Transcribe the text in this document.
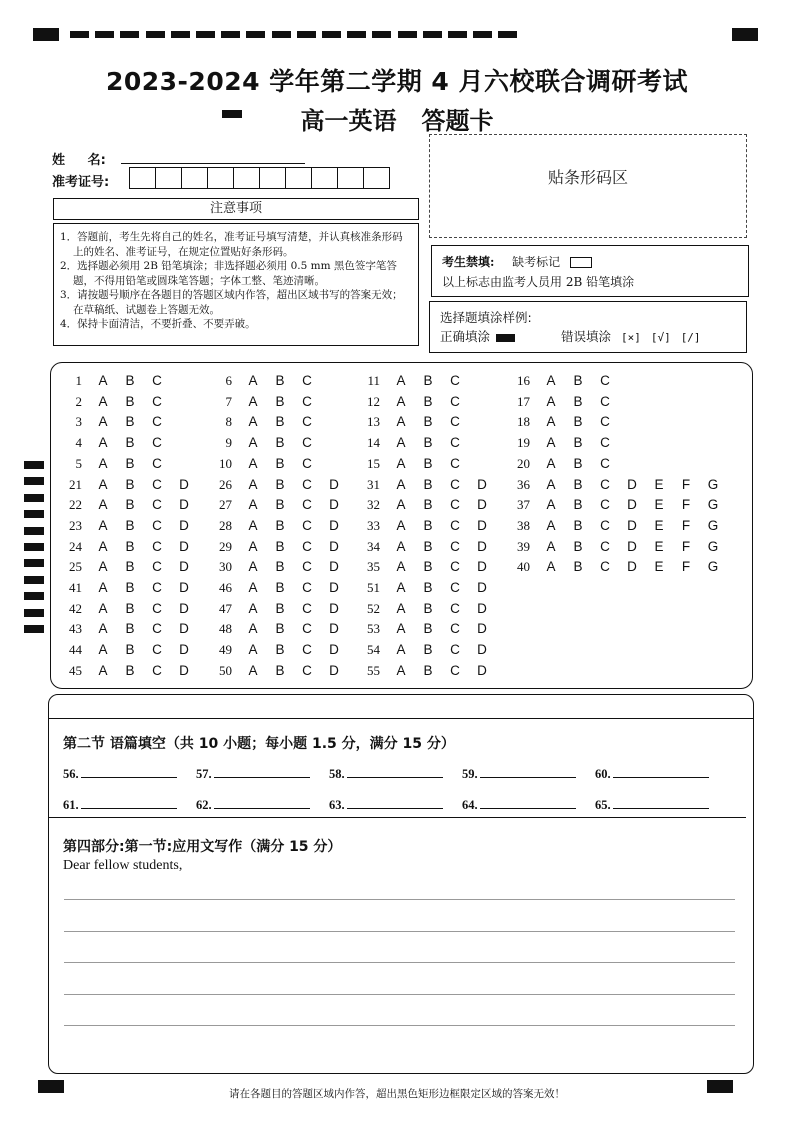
2023-2024 学年第二学期 4 月六校联合调研考试
高一英语   答题卡
姓     名:
准考证号:
注意事项

1．答题前，考生先将自己的姓名，准考证号填写清楚，并认真核准条形码上的姓名、准考证号，在规定位置贴好条形码。

2．选择题必须用 2B 铅笔填涂；非选择题必须用 0.5 mm 黑色签字笔答题，不得用铅笔或圆珠笔答题；字体工整、笔迹清晰。

3．请按题号顺序在各题目的答题区域内作答，超出区域书写的答案无效；在草稿纸、试题卷上答题无效。

4．保持卡面清洁，不要折叠、不要弄破。

贴条形码区
考生禁填: 缺考标记
以上标志由监考人员用 2B 铅笔填涂
选择题填涂样例:
正确填涂	错误填涂 [×] [√] [/]
1 A B C	6 A B C	11 A B C	16 A B C
2 A B C	7 A B C	12 A B C	17 A B C
3 A B C	8 A B C	13 A B C	18 A B C
4 A B C	9 A B C	14 A B C	19 A B C
5 A B C	10 A B C	15 A B C	20 A B C
21 A B C D	26 A B C D	31 A B C D	36 A B C D E F G
22 A B C D	27 A B C D	32 A B C D	37 A B C D E F G
23 A B C D	28 A B C D	33 A B C D	38 A B C D E F G
24 A B C D	29 A B C D	34 A B C D	39 A B C D E F G
25 A B C D	30 A B C D	35 A B C D	40 A B C D E F G
41 A B C D	46 A B C D	51 A B C D
42 A B C D	47 A B C D	52 A B C D
43 A B C D	48 A B C D	53 A B C D
44 A B C D	49 A B C D	54 A B C D
45 A B C D	50 A B C D	55 A B C D
第二节 语篇填空（共 10 小题；每小题 1.5 分，满分 15 分）
56.	57.	58.	59.	60.
61.	62.	63.	64.	65.
第四部分:第一节:应用文写作（满分 15 分）
Dear fellow students,
请在各题目的答题区域内作答，超出黑色矩形边框限定区域的答案无效！
